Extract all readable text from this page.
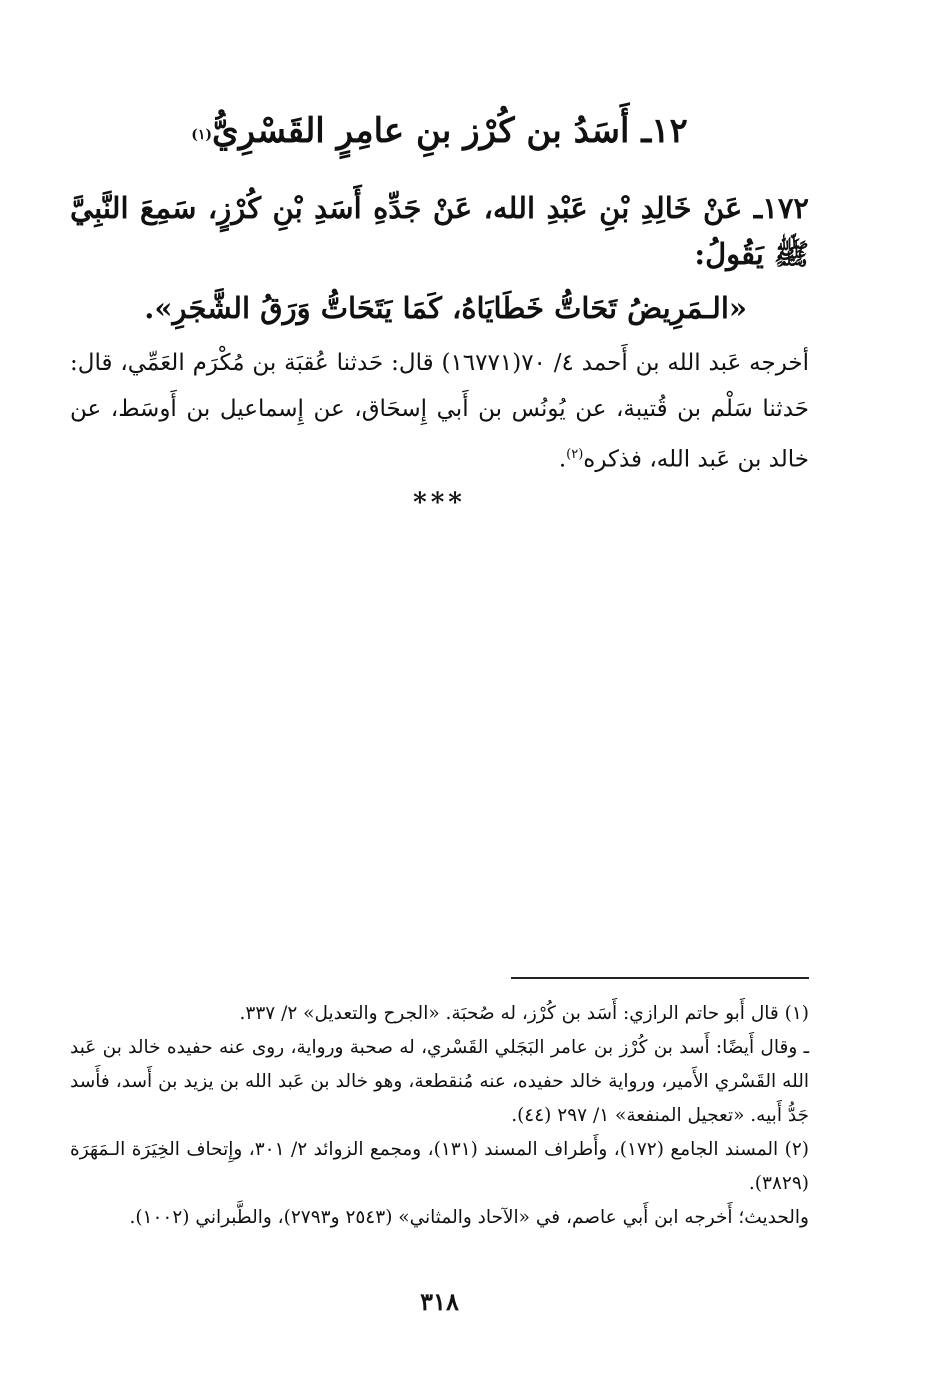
١٢ـ أَسَدُ بن كُرْز بنِ عامِرٍ القَسْرِيُّ$^{(١)}$
١٧٢ـ عَنْ خَالِدِ بْنِ عَبْدِ الله، عَنْ جَدِّهِ أَسَدِ بْنِ كُرْزٍ، سَمِعَ النَّبِيَّ ﷺ يَقُولُ:
«الـمَرِيضُ تَحَاتُّ خَطَايَاهُ، كَمَا يَتَحَاتُّ وَرَقُ الشَّجَرِ».
أخرجه عَبد الله بن أَحمد ٤/ ٧٠(١٦٧٧١) قال: حَدثنا عُقبَة بن مُكْرَم العَمِّي، قال: حَدثنا سَلْم بن قُتيبة، عن يُونُس بن أَبي إِسحَاق، عن إِسماعيل بن أَوسَط، عن خالد بن عَبد الله، فذكره$^{(٢)}$.
***

(١) قال أَبو حاتم الرازي: أَسَد بن كُرْز، له صُحبَة. «الجرح والتعديل» ٢/ ٣٣٧.

ـ وقال أَيضًا: أَسد بن كُرْز بن عامر البَجَلي القَسْري، له صحبة ورواية، روى عنه حفيده خالد بن عَبد الله القَسْري الأَمير، ورواية خالد حفيده، عنه مُنقطعة، وهو خالد بن عَبد الله بن يزيد بن أَسد، فأَسد جَدُّ أَبيه. «تعجيل المنفعة» ١/ ٢٩٧ (٤٤).

(٢) المسند الجامع (١٧٢)، وأَطراف المسند (١٣١)، ومجمع الزوائد ٢/ ٣٠١، وإِتحاف الخِيَرَة الـمَهَرَة (٣٨٢٩).

والحديث؛ أَخرجه ابن أَبي عاصم، في «الآحاد والمثاني» (٢٥٤٣ و٢٧٩٣)، والطَّبراني (١٠٠٢).

٣١٨
